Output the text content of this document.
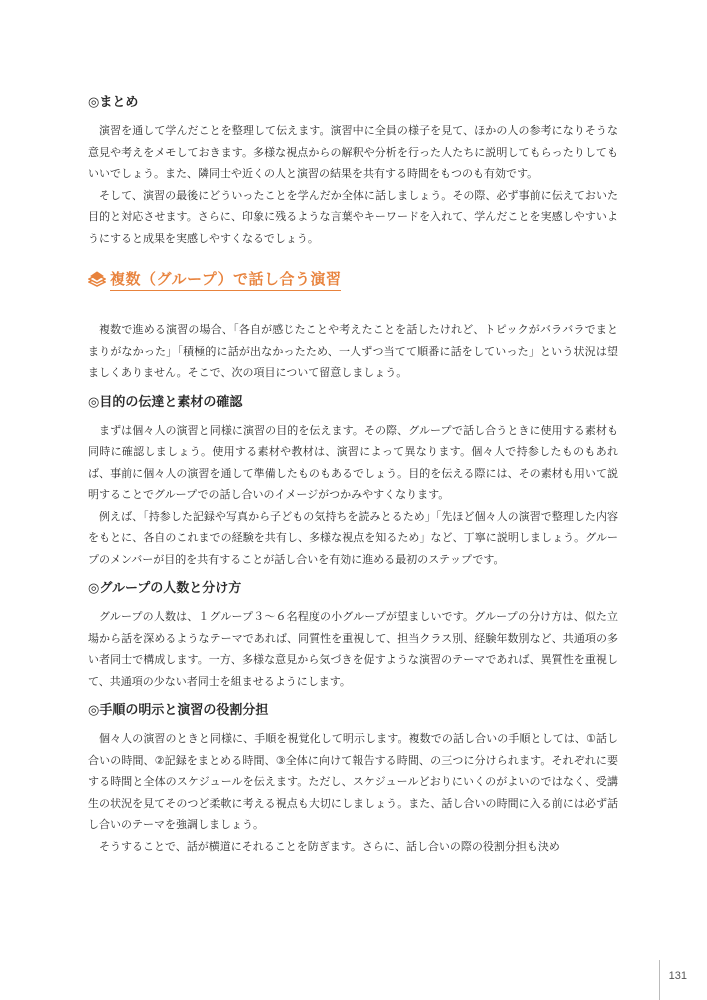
◎まとめ

演習を通して学んだことを整理して伝えます。演習中に全員の様子を見て、ほかの人の参考になりそうな意見や考えをメモしておきます。多様な視点からの解釈や分析を行った人たちに説明してもらったりしてもいいでしょう。また、隣同士や近くの人と演習の結果を共有する時間をもつのも有効です。

そして、演習の最後にどういったことを学んだか全体に話しましょう。その際、必ず事前に伝えておいた目的と対応させます。さらに、印象に残るような言葉やキーワードを入れて、学んだことを実感しやすいようにすると成果を実感しやすくなるでしょう。

複数（グループ）で話し合う演習

複数で進める演習の場合、「各自が感じたことや考えたことを話したけれど、トピックがバラバラでまとまりがなかった」「積極的に話が出なかったため、一人ずつ当てて順番に話をしていった」という状況は望ましくありません。そこで、次の項目について留意しましょう。

◎目的の伝達と素材の確認

まずは個々人の演習と同様に演習の目的を伝えます。その際、グループで話し合うときに使用する素材も同時に確認しましょう。使用する素材や教材は、演習によって異なります。個々人で持参したものもあれば、事前に個々人の演習を通して準備したものもあるでしょう。目的を伝える際には、その素材も用いて説明することでグループでの話し合いのイメージがつかみやすくなります。

例えば、「持参した記録や写真から子どもの気持ちを読みとるため」「先ほど個々人の演習で整理した内容をもとに、各自のこれまでの経験を共有し、多様な視点を知るため」など、丁寧に説明しましょう。グループのメンバーが目的を共有することが話し合いを有効に進める最初のステップです。

◎グループの人数と分け方

グループの人数は、１グループ３～６名程度の小グループが望ましいです。グループの分け方は、似た立場から話を深めるようなテーマであれば、同質性を重視して、担当クラス別、経験年数別など、共通項の多い者同士で構成します。一方、多様な意見から気づきを促すような演習のテーマであれば、異質性を重視して、共通項の少ない者同士を組ませるようにします。

◎手順の明示と演習の役割分担

個々人の演習のときと同様に、手順を視覚化して明示します。複数での話し合いの手順としては、①話し合いの時間、②記録をまとめる時間、③全体に向けて報告する時間、の三つに分けられます。それぞれに要する時間と全体のスケジュールを伝えます。ただし、スケジュールどおりにいくのがよいのではなく、受講生の状況を見てそのつど柔軟に考える視点も大切にしましょう。また、話し合いの時間に入る前には必ず話し合いのテーマを強調しましょう。

そうすることで、話が横道にそれることを防ぎます。さらに、話し合いの際の役割分担も決め

131
